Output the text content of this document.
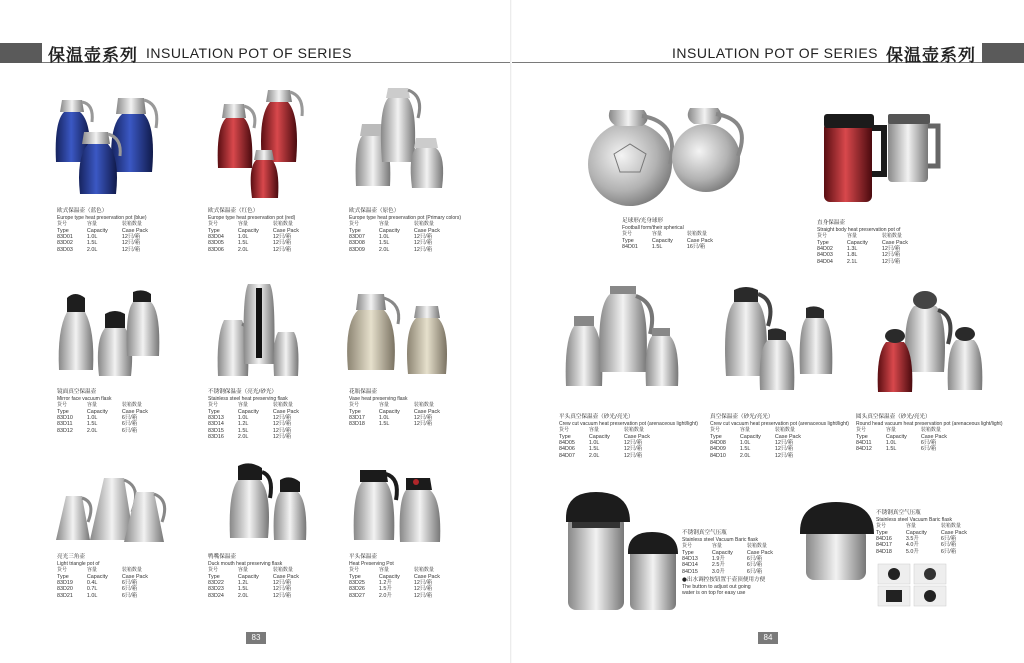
保温壶系列 INSULATION POT OF SERIES
欧式保温壶（蓝色）
Europe type heat preservation pot (blue)
货号	容量	装箱数量
Type	Capacity	Case Pack
83D01	1.0L	12只/箱
83D02	1.5L	12只/箱
83D03	2.0L	12只/箱
欧式保温壶（红色）
Europe type heat preservation pot (red)
货号	容量	装箱数量
Type	Capacity	Case Pack
83D04	1.0L	12只/箱
83D05	1.5L	12只/箱
83D06	2.0L	12只/箱
欧式保温壶（原色）
Europe type heat preservation pot (Primary colors)
货号	容量	装箱数量
Type	Capacity	Case Pack
83D07	1.0L	12只/箱
83D08	1.5L	12只/箱
83D09	2.0L	12只/箱
镜面真空保温壶
Mirror face vacuum flask
货号	容量	装箱数量
Type	Capacity	Case Pack
83D10	1.0L	6只/箱
83D11	1.5L	6只/箱
83D12	2.0L	6只/箱
不锈钢保温壶（亮光/砂光）
Stainless steel heat preserving flask
货号	容量	装箱数量
Type	Capacity	Case Pack
83D13	1.0L	12只/箱
83D14	1.2L	12只/箱
83D15	1.5L	12只/箱
83D16	2.0L	12只/箱
花瓶保温壶
Vase heat preserving flask
货号	容量	装箱数量
Type	Capacity	Case Pack
83D17	1.0L	12只/箱
83D18	1.5L	12只/箱
亮光三角壶
Light triangle pot of
货号	容量	装箱数量
Type	Capacity	Case Pack
83D19	0.4L	6只/箱
83D20	0.7L	6只/箱
83D21	1.0L	6只/箱
鸭嘴保温壶
Duck mouth heat preserving flask
货号	容量	装箱数量
Type	Capacity	Case Pack
83D22	1.2L	12只/箱
83D23	1.5L	12只/箱
83D24	2.0L	12只/箱
平头保温壶
Heat Preserving Pot
货号	容量	装箱数量
Type	Capacity	Case Pack
83D25	1.2升	12只/箱
83D26	1.5升	12只/箱
83D27	2.0升	12只/箱
83
INSULATION POT OF SERIES 保温壶系列
足球形/光身球形
Football form/their spherical
货号	容量	装箱数量
Type	Capacity	Case Pack
84D01	1.5L	16只/箱
直身保温壶
Straight body heat preservation pot of
货号	容量	装箱数量
Type	Capacity	Case Pack
84D02	1.3L	12只/箱
84D03	1.8L	12只/箱
84D04	2.1L	12只/箱
平头真空保温壶（砂光/亮光）
Crew cut vacuum heat preservation pot (arenaceous light/light)
货号	容量	装箱数量
Type	Capacity	Case Pack
84D05	1.0L	12只/箱
84D06	1.5L	12只/箱
84D07	2.0L	12只/箱
真空保温壶（砂光/亮光）
Crew cut vacuum heat preservation pot (arenaceous light/light)
货号	容量	装箱数量
Type	Capacity	Case Pack
84D08	1.0L	12只/箱
84D09	1.5L	12只/箱
84D10	2.0L	12只/箱
圆头真空保温壶（砂光/亮光）
Round head vacuum heat preservation pot (arenaceous light/light)
货号	容量	装箱数量
Type	Capacity	Case Pack
84D11	1.0L	6只/箱
84D12	1.5L	6只/箱
不锈钢真空气压瓶
Stainless steel Vacuum Baric flask
货号	容量	装箱数量
Type	Capacity	Case Pack
84D13	1.9升	6只/箱
84D14	2.5升	6只/箱
84D15	3.0升	6只/箱
●出水调控按钮置于壶顶便用方便
The button to adjust out going
water is on top for easy use
不锈钢真空气压瓶
Stainless steel Vacuum Baric flask
货号	容量	装箱数量
Type	Capacity	Case Pack
84D16	3.5升	6只/箱
84D17	4.0升	6只/箱
84D18	5.0升	6只/箱
84
